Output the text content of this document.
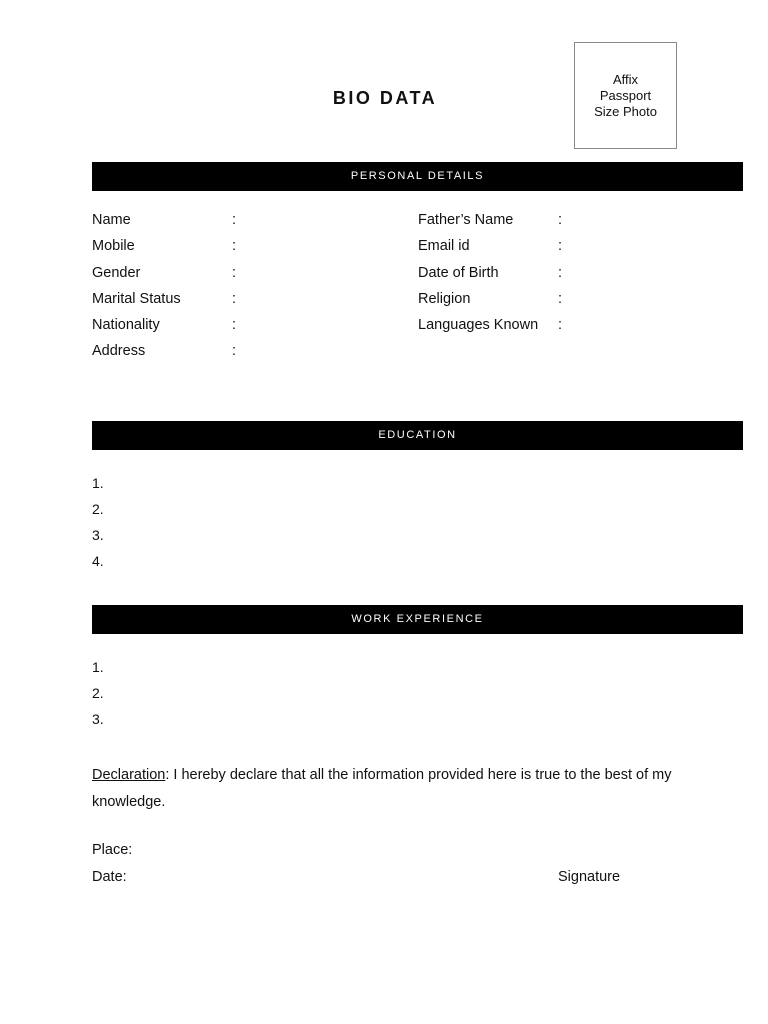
BIO DATA
Affix
Passport
Size Photo
PERSONAL DETAILS
Name	:
Mobile	:
Gender	:
Marital Status	:
Nationality	:
Address	:
Father’s Name	:
Email id	:
Date of Birth	:
Religion	:
Languages Known :
EDUCATION
1.
2.
3.
4.
WORK EXPERIENCE
1.
2.
3.
Declaration: I hereby declare that all the information provided here is true to the best of my knowledge.
Place:
Date:	Signature
